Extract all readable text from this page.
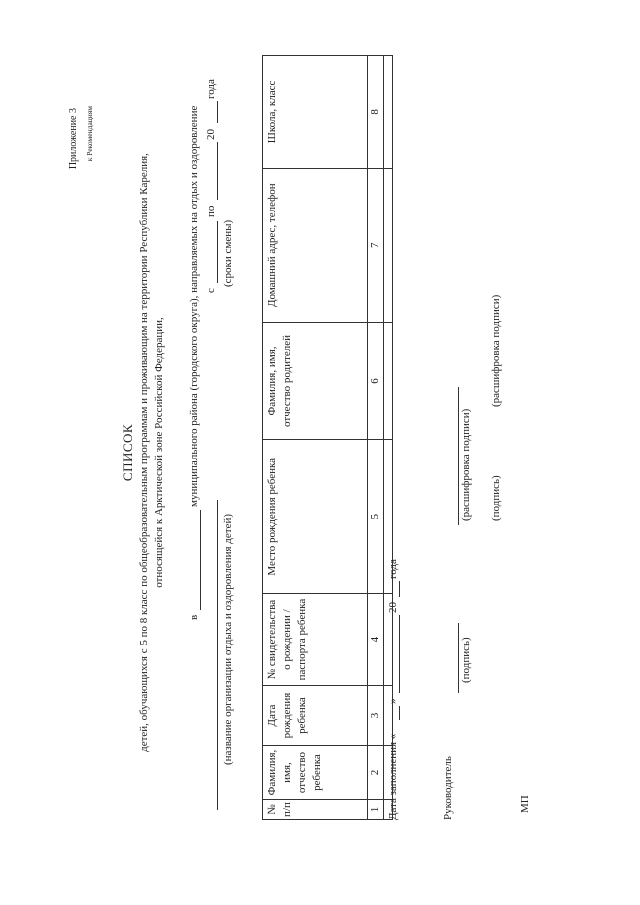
Приложение 3 к Рекомендациям
СПИСОК детей, обучающихся с 5 по 8 класс по общеобразовательным программам и проживающим на территории Республики Карелия, относящейся к Арктической зоне Российской Федерации,
в
муниципального района (городского округа), направляемых на отдых и оздоровление с
по
20
года
(название организации отдыха и оздоровления детей)
(сроки смены)
№ п/п	Фамилия, имя, отчество ребенка	Дата рождения ребенка	№ свидетельства о рождении / паспорта ребенка	Место рождения ребенка	Фамилия, имя, отчество родителей	Домашний адрес, телефон	Школа, класс
1	2	3	4	5	6	7	8

Дата заполнения «
»
20
года
Руководитель
(подпись)
(расшифровка подписи) (подпись)
(расшифровка подписи)
МП
